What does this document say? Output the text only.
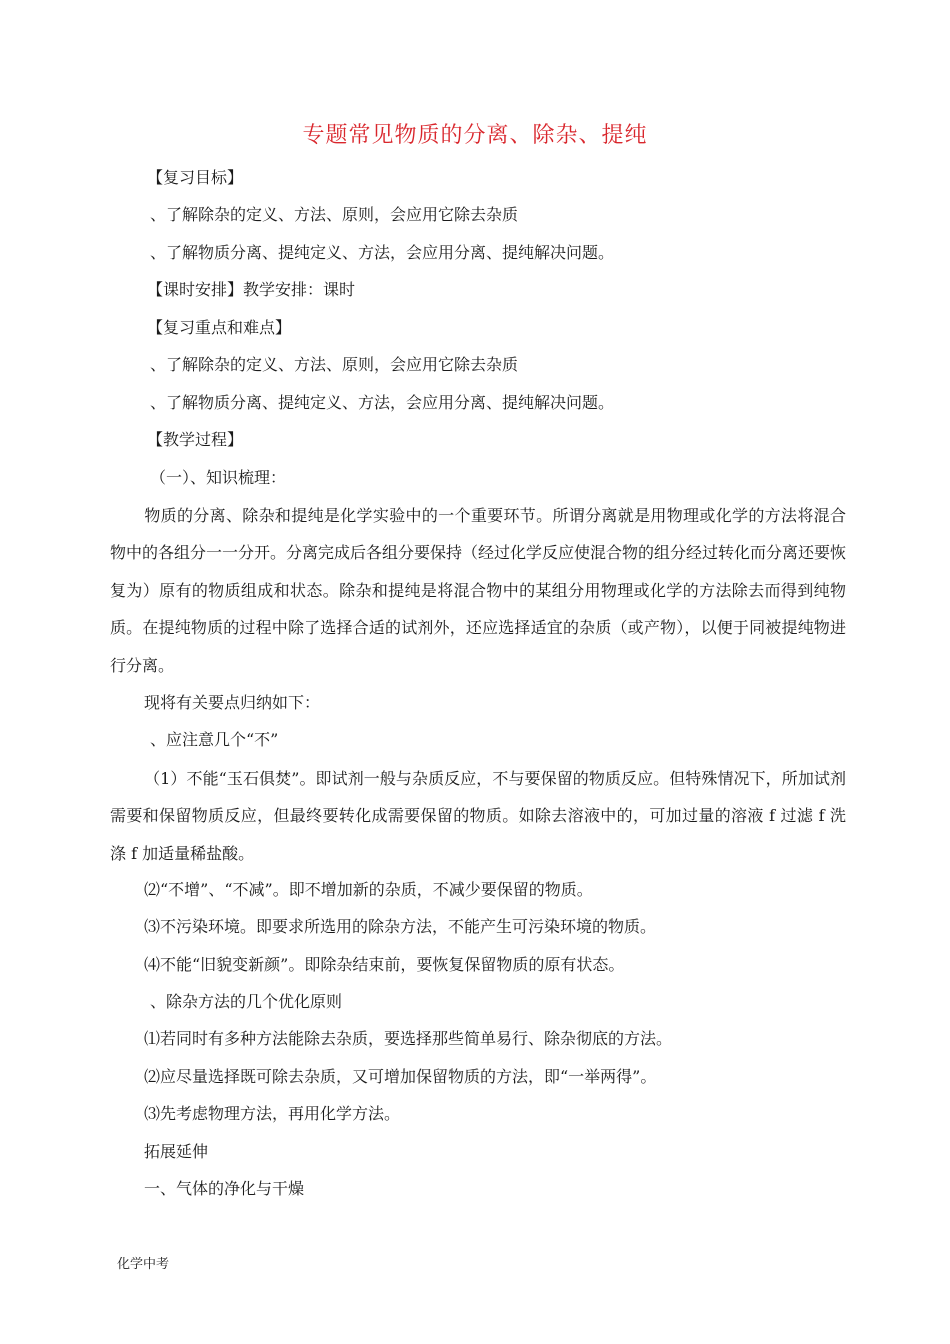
专题常见物质的分离、除杂、提纯
【复习目标】
、了解除杂的定义、方法、原则，会应用它除去杂质
、了解物质分离、提纯定义、方法，会应用分离、提纯解决问题。
【课时安排】教学安排：课时
【复习重点和难点】
、了解除杂的定义、方法、原则，会应用它除去杂质
、了解物质分离、提纯定义、方法，会应用分离、提纯解决问题。
【教学过程】
（一）、知识梳理：
物质的分离、除杂和提纯是化学实验中的一个重要环节。所谓分离就是用物理或化学的方法将混合物中的各组分一一分开。分离完成后各组分要保持（经过化学反应使混合物的组分经过转化而分离还要恢复为）原有的物质组成和状态。除杂和提纯是将混合物中的某组分用物理或化学的方法除去而得到纯物质。在提纯物质的过程中除了选择合适的试剂外，还应选择适宜的杂质（或产物），以便于同被提纯物进行分离。
现将有关要点归纳如下：
、应注意几个“不”
（1）不能“玉石俱焚”。即试剂一般与杂质反应，不与要保留的物质反应。但特殊情况下，所加试剂需要和保留物质反应，但最终要转化成需要保留的物质。如除去溶液中的，可加过量的溶液 f 过滤 f 洗涤 f 加适量稀盐酸。
⑵“不增”、“不减”。即不增加新的杂质，不减少要保留的物质。
⑶不污染环境。即要求所选用的除杂方法，不能产生可污染环境的物质。
⑷不能“旧貌变新颜”。即除杂结束前，要恢复保留物质的原有状态。
、除杂方法的几个优化原则
⑴若同时有多种方法能除去杂质，要选择那些简单易行、除杂彻底的方法。
⑵应尽量选择既可除去杂质，又可增加保留物质的方法，即“一举两得”。
⑶先考虑物理方法，再用化学方法。
拓展延伸
一、气体的净化与干燥
化学中考
